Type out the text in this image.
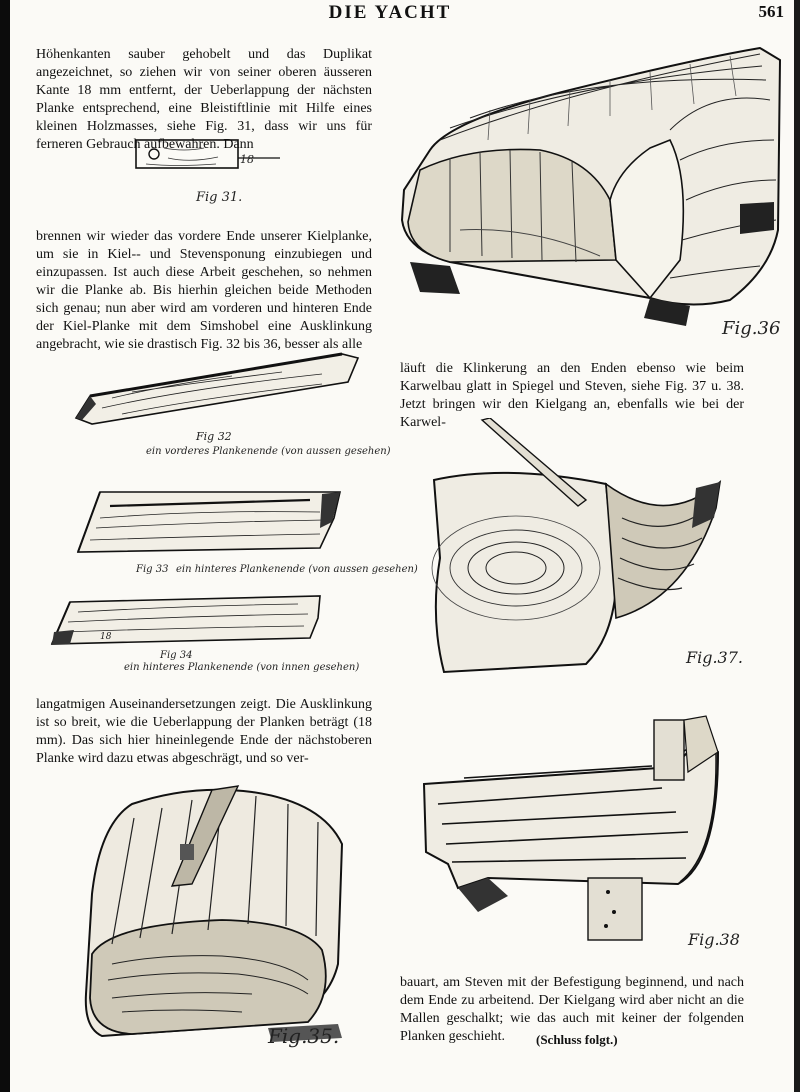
DIE YACHT	561
Höhenkanten sauber gehobelt und das Duplikat angezeichnet, so ziehen wir von seiner oberen äusseren Kante 18 mm entfernt, der Ueberlappung der nächsten Planke entsprechend, eine Bleistiftlinie mit Hilfe eines kleinen Holzmasses, siehe Fig. 31, dass wir uns für ferneren Gebrauch aufbewahren. Dann
18
Fig 31.
brennen wir wieder das vordere Ende unserer Kielplanke, um sie in Kiel-- und Stevensponung einzubiegen und einzupassen. Ist auch diese Arbeit geschehen, so nehmen wir die Planke ab. Bis hierhin gleichen beide Methoden sich genau; nun aber wird am vorderen und hinteren Ende der Kiel-Planke mit dem Simshobel eine Ausklinkung angebracht, wie sie drastisch Fig. 32 bis 36, besser als alle
Fig 32
ein vorderes Plankenende (von aussen gesehen)
Fig 33 ein hinteres Plankenende (von aussen gesehen)
18
Fig 34
ein hinteres Plankenende (von innen gesehen)
langatmigen Auseinandersetzungen zeigt. Die Ausklinkung ist so breit, wie die Ueberlappung der Planken beträgt (18 mm). Das sich hier hineinlegende Ende der nächstoberen Planke wird dazu etwas abgeschrägt, und so ver-
Fig.35.
Fig.36
läuft die Klinkerung an den Enden ebenso wie beim Karwelbau glatt in Spiegel und Steven, siehe Fig. 37 u. 38. Jetzt bringen wir den Kielgang an, ebenfalls wie bei der Karwel-
Fig.37.
Fig.38
bauart, am Steven mit der Befestigung beginnend, und nach dem Ende zu arbeitend. Der Kielgang wird aber nicht an die Mallen geschalkt; wie das auch mit keiner der folgenden Planken geschieht.	(Schluss folgt.)
